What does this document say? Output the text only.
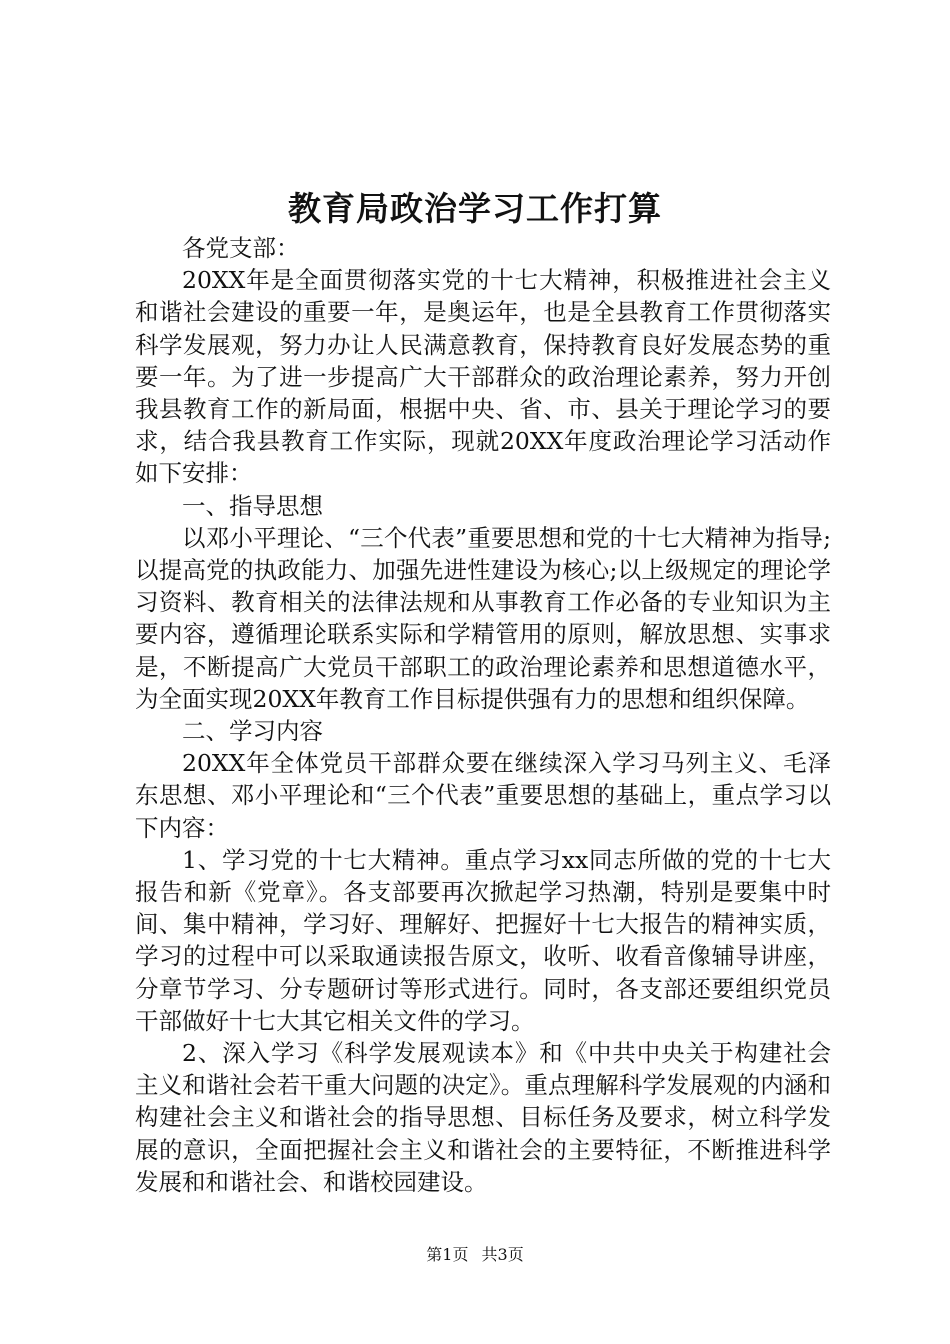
教育局政治学习工作打算

各党支部：

20XX年是全面贯彻落实党的十七大精神，积极推进社会主义和谐社会建设的重要一年，是奥运年，也是全县教育工作贯彻落实科学发展观，努力办让人民满意教育，保持教育良好发展态势的重要一年。为了进一步提高广大干部群众的政治理论素养，努力开创我县教育工作的新局面，根据中央、省、市、县关于理论学习的要求，结合我县教育工作实际，现就20XX年度政治理论学习活动作如下安排：

一、指导思想

以邓小平理论、“三个代表”重要思想和党的十七大精神为指导;以提高党的执政能力、加强先进性建设为核心;以上级规定的理论学习资料、教育相关的法律法规和从事教育工作必备的专业知识为主要内容，遵循理论联系实际和学精管用的原则，解放思想、实事求是，不断提高广大党员干部职工的政治理论素养和思想道德水平，为全面实现20XX年教育工作目标提供强有力的思想和组织保障。

二、学习内容

20XX年全体党员干部群众要在继续深入学习马列主义、毛泽东思想、邓小平理论和“三个代表”重要思想的基础上，重点学习以下内容：

1、学习党的十七大精神。重点学习xx同志所做的党的十七大报告和新《党章》。各支部要再次掀起学习热潮，特别是要集中时间、集中精神，学习好、理解好、把握好十七大报告的精神实质，学习的过程中可以采取通读报告原文，收听、收看音像辅导讲座，分章节学习、分专题研讨等形式进行。同时，各支部还要组织党员干部做好十七大其它相关文件的学习。

2、深入学习《科学发展观读本》和《中共中央关于构建社会主义和谐社会若干重大问题的决定》。重点理解科学发展观的内涵和构建社会主义和谐社会的指导思想、目标任务及要求，树立科学发展的意识，全面把握社会主义和谐社会的主要特征，不断推进科学发展和和谐社会、和谐校园建设。

第1页 共3页
